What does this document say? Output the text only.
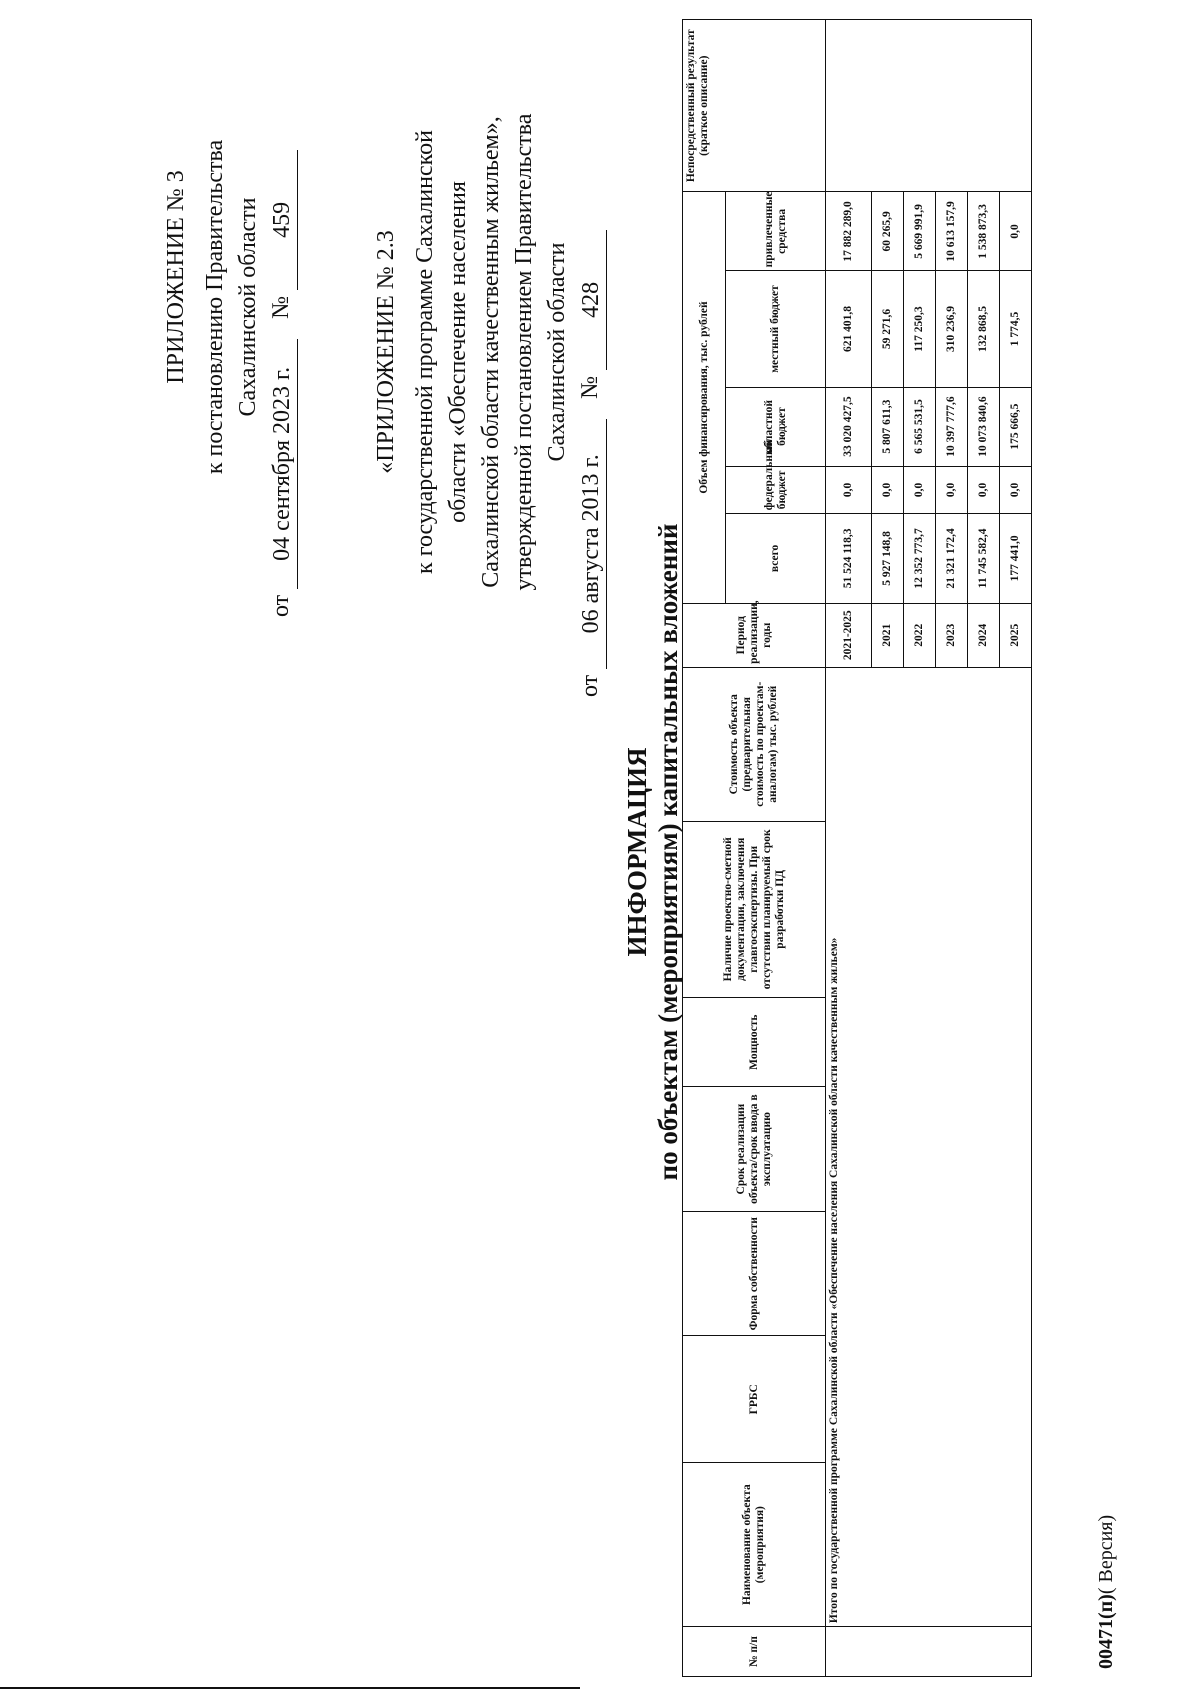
ПРИЛОЖЕНИЕ № 3 к постановлению Правительства Сахалинской области
от
04 сентября 2023 г.
№
459
«ПРИЛОЖЕНИЕ № 2.3 к государственной программе Сахалинской области «Обеспечение населения Сахалинской области качественным жильем», утвержденной постановлением Правительства Сахалинской области
от
06 августа 2013 г.
№
428
ИНФОРМАЦИЯ по объектам (мероприятиям) капитальных вложений
№ п/п	Наименование объекта (мероприятия)	ГРБС	Форма собственности	Срок реализации объекта/срок ввода в эксплуатацию	Мощность	Наличие проектно-сметной документации, заключения главгосэкспертизы. При отсутствии планируемый срок разработки ПД	Стоимость объекта (предварительная стоимость по проектам-аналогам) тыс. рублей	Период реализации, годы	Объем финансирования, тыс. рублей					Непосредственный результат (краткое описание)
									всего	федеральный бюджет	областной бюджет	местный бюджет	привлеченные средства	
	Итого по государственной программе Сахалинской области «Обеспечение населения Сахалинской области качественным жильем»							2021-2025	51 524 118,3	0,0	33 020 427,5	621 401,8	17 882 289,0	
								2021	5 927 148,8	0,0	5 807 611,3	59 271,6	60 265,9	
								2022	12 352 773,7	0,0	6 565 531,5	117 250,3	5 669 991,9	
								2023	21 321 172,4	0,0	10 397 777,6	310 236,9	10 613 157,9	
								2024	11 745 582,4	0,0	10 073 840,6	132 868,5	1 538 873,3	
								2025	177 441,0	0,0	175 666,5	1 774,5	0,0	
00471(п)( Версия)
